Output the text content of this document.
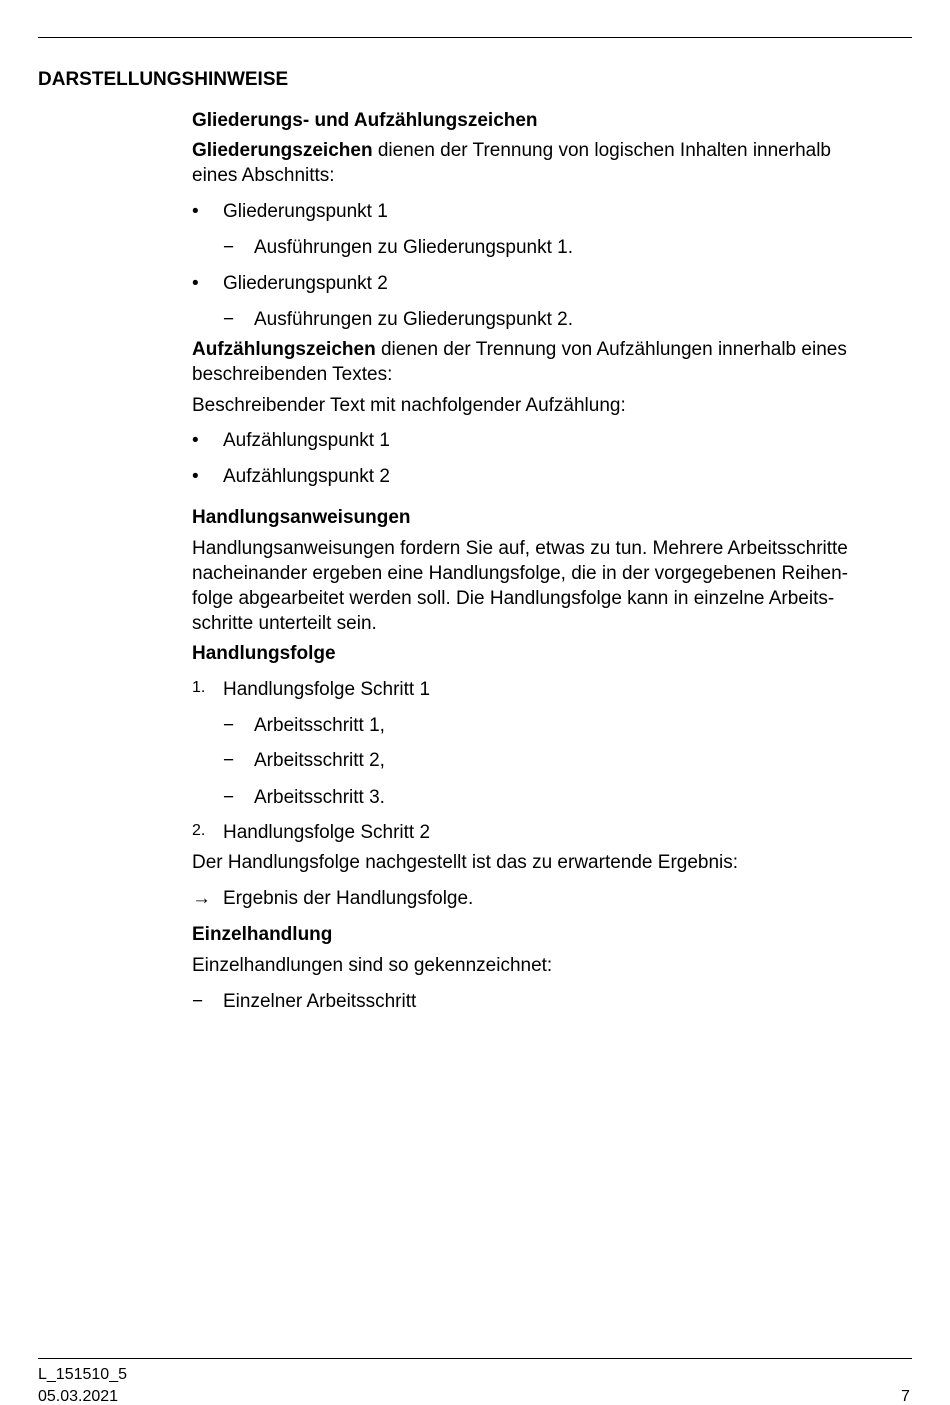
DARSTELLUNGSHINWEISE
Gliederungs- und Aufzählungszeichen
Gliederungszeichen dienen der Trennung von logischen Inhalten innerhalb
eines Abschnitts:
• Gliederungspunkt 1
− Ausführungen zu Gliederungspunkt 1.
• Gliederungspunkt 2
− Ausführungen zu Gliederungspunkt 2.
Aufzählungszeichen dienen der Trennung von Aufzählungen innerhalb eines
beschreibenden Textes:
Beschreibender Text mit nachfolgender Aufzählung:
• Aufzählungspunkt 1
• Aufzählungspunkt 2
Handlungsanweisungen
Handlungsanweisungen fordern Sie auf, etwas zu tun. Mehrere Arbeitsschritte
nacheinander ergeben eine Handlungsfolge, die in der vorgegebenen Reihen-
folge abgearbeitet werden soll. Die Handlungsfolge kann in einzelne Arbeits-
schritte unterteilt sein.
Handlungsfolge
1. Handlungsfolge Schritt 1
− Arbeitsschritt 1,
− Arbeitsschritt 2,
− Arbeitsschritt 3.
2. Handlungsfolge Schritt 2
Der Handlungsfolge nachgestellt ist das zu erwartende Ergebnis:
→ Ergebnis der Handlungsfolge.
Einzelhandlung
Einzelhandlungen sind so gekennzeichnet:
− Einzelner Arbeitsschritt
L_151510_5
05.03.2021	7
